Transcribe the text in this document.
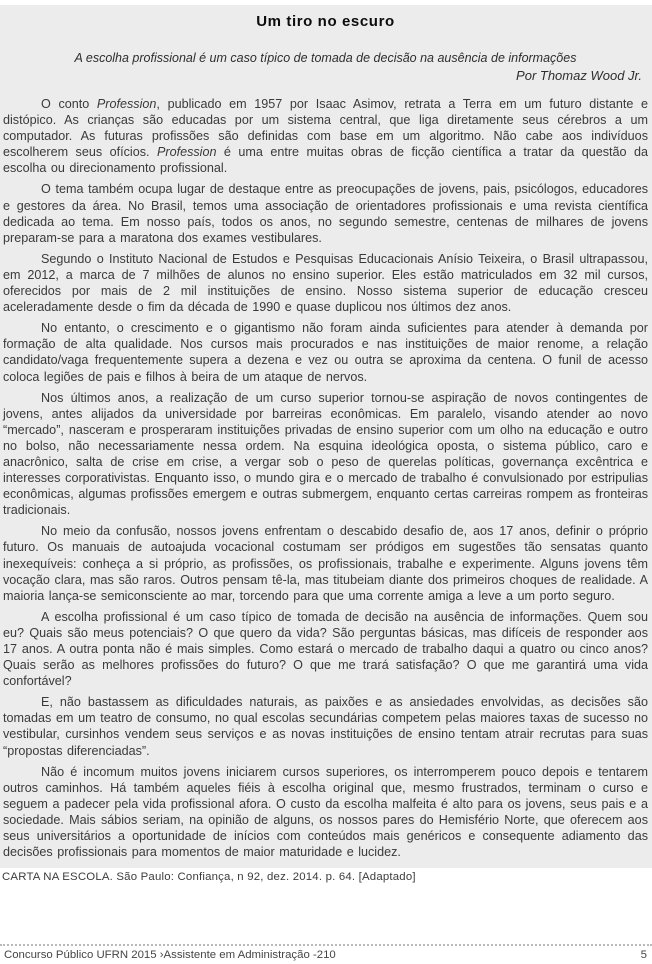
Um tiro no escuro

A escolha profissional é um caso típico de tomada de decisão na ausência de informações

Por Thomaz Wood Jr.

O conto Profession, publicado em 1957 por Isaac Asimov, retrata a Terra em um futuro distante e distópico. As crianças são educadas por um sistema central, que liga diretamente seus cérebros a um computador. As futuras profissões são definidas com base em um algoritmo. Não cabe aos indivíduos escolherem seus ofícios. Profession é uma entre muitas obras de ficção científica a tratar da questão da escolha ou direcionamento profissional.

O tema também ocupa lugar de destaque entre as preocupações de jovens, pais, psicólogos, educadores e gestores da área. No Brasil, temos uma associação de orientadores profissionais e uma revista científica dedicada ao tema. Em nosso país, todos os anos, no segundo semestre, centenas de milhares de jovens preparam-se para a maratona dos exames vestibulares.

Segundo o Instituto Nacional de Estudos e Pesquisas Educacionais Anísio Teixeira, o Brasil ultrapassou, em 2012, a marca de 7 milhões de alunos no ensino superior. Eles estão matriculados em 32 mil cursos, oferecidos por mais de 2 mil instituições de ensino. Nosso sistema superior de educação cresceu aceleradamente desde o fim da década de 1990 e quase duplicou nos últimos dez anos.

No entanto, o crescimento e o gigantismo não foram ainda suficientes para atender à demanda por formação de alta qualidade. Nos cursos mais procurados e nas instituições de maior renome, a relação candidato/vaga frequentemente supera a dezena e vez ou outra se aproxima da centena. O funil de acesso coloca legiões de pais e filhos à beira de um ataque de nervos.

Nos últimos anos, a realização de um curso superior tornou-se aspiração de novos contingentes de jovens, antes alijados da universidade por barreiras econômicas. Em paralelo, visando atender ao novo “mercado”, nasceram e prosperaram instituições privadas de ensino superior com um olho na educação e outro no bolso, não necessariamente nessa ordem. Na esquina ideológica oposta, o sistema público, caro e anacrônico, salta de crise em crise, a vergar sob o peso de querelas políticas, governança excêntrica e interesses corporativistas. Enquanto isso, o mundo gira e o mercado de trabalho é convulsionado por estripulias econômicas, algumas profissões emergem e outras submergem, enquanto certas carreiras rompem as fronteiras tradicionais.

No meio da confusão, nossos jovens enfrentam o descabido desafio de, aos 17 anos, definir o próprio futuro. Os manuais de autoajuda vocacional costumam ser pródigos em sugestões tão sensatas quanto inexequíveis: conheça a si próprio, as profissões, os profissionais, trabalhe e experimente. Alguns jovens têm vocação clara, mas são raros. Outros pensam tê-la, mas titubeiam diante dos primeiros choques de realidade. A maioria lança-se semiconsciente ao mar, torcendo para que uma corrente amiga a leve a um porto seguro.

A escolha profissional é um caso típico de tomada de decisão na ausência de informações. Quem sou eu? Quais são meus potenciais? O que quero da vida? São perguntas básicas, mas difíceis de responder aos 17 anos. A outra ponta não é mais simples. Como estará o mercado de trabalho daqui a quatro ou cinco anos? Quais serão as melhores profissões do futuro? O que me trará satisfação? O que me garantirá uma vida confortável?

E, não bastassem as dificuldades naturais, as paixões e as ansiedades envolvidas, as decisões são tomadas em um teatro de consumo, no qual escolas secundárias competem pelas maiores taxas de sucesso no vestibular, cursinhos vendem seus serviços e as novas instituições de ensino tentam atrair recrutas para suas “propostas diferenciadas”.

Não é incomum muitos jovens iniciarem cursos superiores, os interromperem pouco depois e tentarem outros caminhos. Há também aqueles fiéis à escolha original que, mesmo frustrados, terminam o curso e seguem a padecer pela vida profissional afora. O custo da escolha malfeita é alto para os jovens, seus pais e a sociedade. Mais sábios seriam, na opinião de alguns, os nossos pares do Hemisfério Norte, que oferecem aos seus universitários a oportunidade de inícios com conteúdos mais genéricos e consequente adiamento das decisões profissionais para momentos de maior maturidade e lucidez.

CARTA NA ESCOLA. São Paulo: Confiança, n 92, dez. 2014. p. 64. [Adaptado]

Concurso Público UFRN 2015 ›Assistente em Administração -210	5
